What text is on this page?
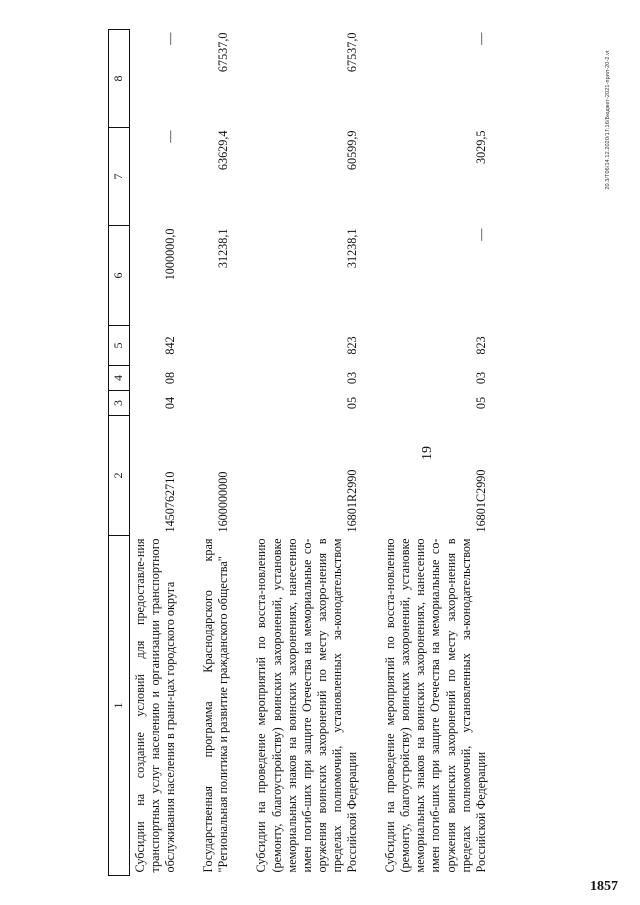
19
20.3/Т06/14.12.2020/17:16/Бюджет-2021-прил-20-2.vt
1857
1	2	3	4	5	6	7	8
Субсидии на создание условий для предоставле-ния транспортных услуг населению и организации транспортного обслуживания населения в грани-цах городского округа	1450762710	04	08	842	1000000,0	—	—

Государственная программа Краснодарского края "Региональная политика и развитие гражданского общества"	1600000000				31238,1	63629,4	67537,0

Субсидии на проведение мероприятий по восста-новлению (ремонту, благоустройству) воинских захоронений, установке мемориальных знаков на воинских захоронениях, нанесению имен погиб-ших при защите Отечества на мемориальные со-оружения воинских захоронений по месту захоро-нения в пределах полномочий, установленных за-конодательством Российской Федерации	16801R2990	05	03	823	31238,1	60599,9	67537,0

Субсидии на проведение мероприятий по восста-новлению (ремонту, благоустройству) воинских захоронений, установке мемориальных знаков на воинских захоронениях, нанесению имен погиб-ших при защите Отечества на мемориальные со-оружения воинских захоронений по месту захоро-нения в пределах полномочий, установленных за-конодательством Российской Федерации	16801С2990	05	03	823	—	3029,5	—
